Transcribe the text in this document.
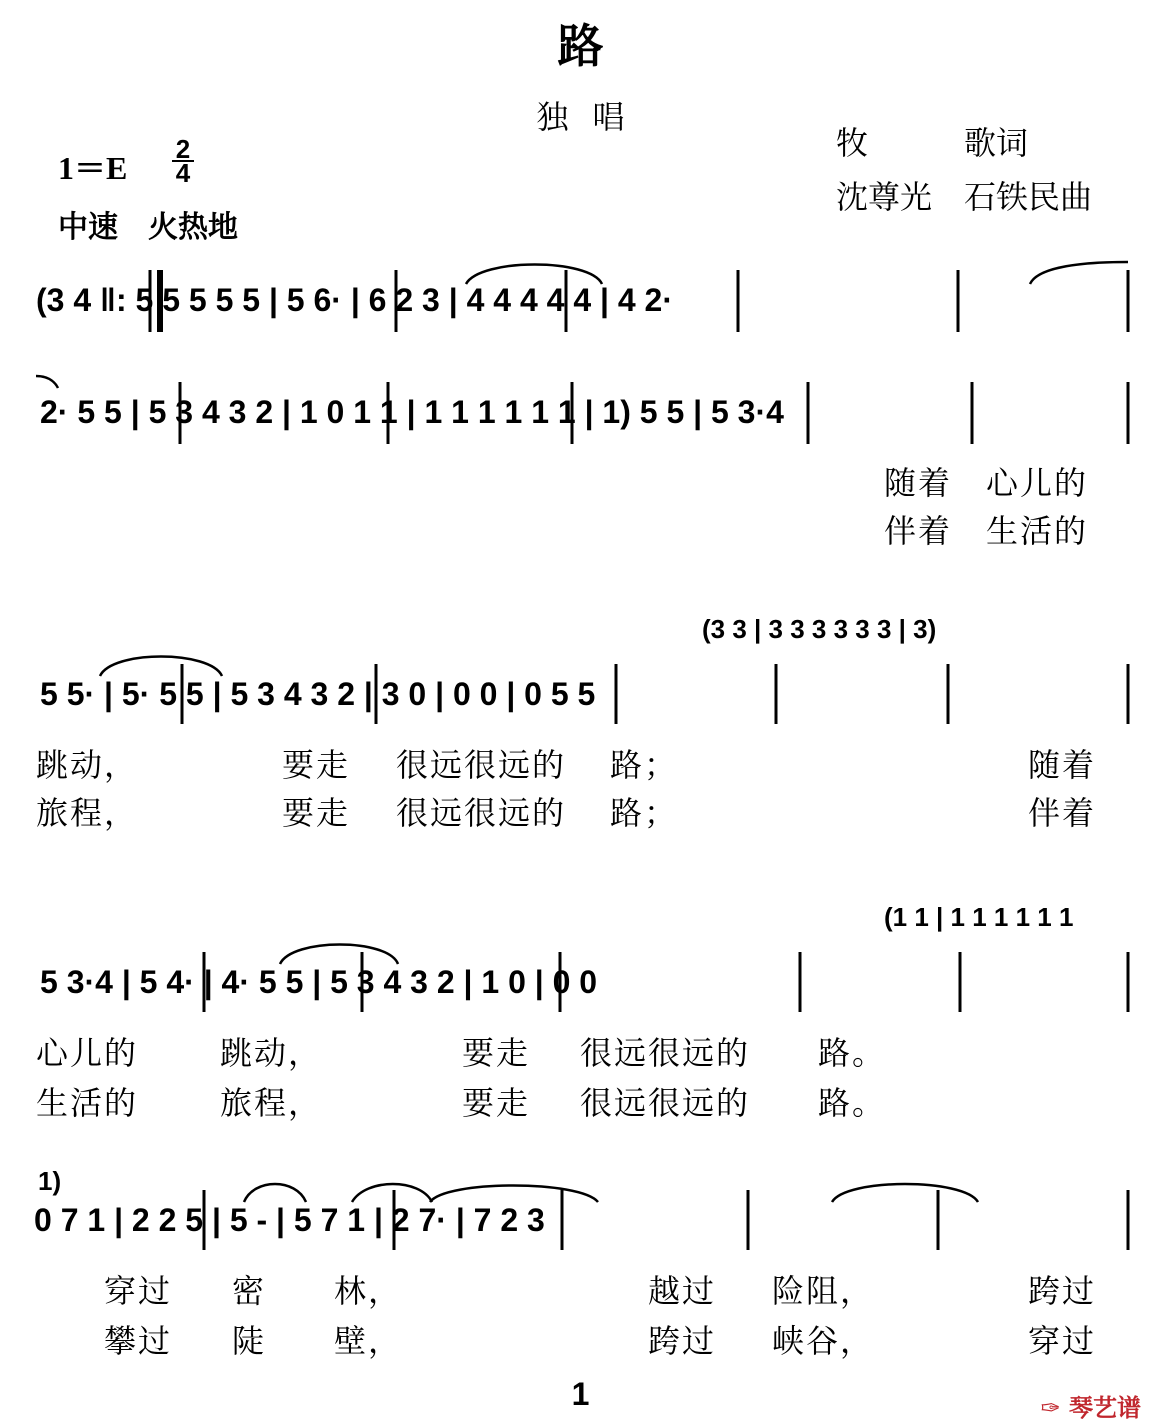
路
独唱
牧　　　歌词
沈尊光　石铁民曲
1＝E
2
4
中速　火热地
(3 4 ‖: 5 5 5 5 5 | 5 6· | 6 2 3 | 4 4 4 4 4 | 4 2·
2· 5 5 | 5 3 4 3 2 | 1 0 1 1 | 1 1 1 1 1 1 | 1) 5 5 | 5 3·4
随着　心儿的
伴着　生活的
(3 3 | 3 3 3 3 3 3 | 3)
5 5· | 5· 5 5 | 5 3 4 3 2 | 3 0 | 0 0 | 0 5 5
跳动，	要走 很远很远的 路；	随着
旅程，	要走 很远很远的 路；	伴着
(1 1 | 1 1 1 1 1 1
5 3·4 | 5 4· | 4· 5 5 | 5 3 4 3 2 | 1 0 | 0 0
心儿的	跳动，	要走 很远很远的 路。
生活的	旅程，	要走 很远很远的 路。
1)
0 7 1 | 2 2 5 | 5 - | 5 7 1 | 2 7· | 7 2 3
穿过 密 林，	越过 险阻，	跨过
攀过 陡 壁，	跨过 峡谷，	穿过
1	✑ 琴艺谱
